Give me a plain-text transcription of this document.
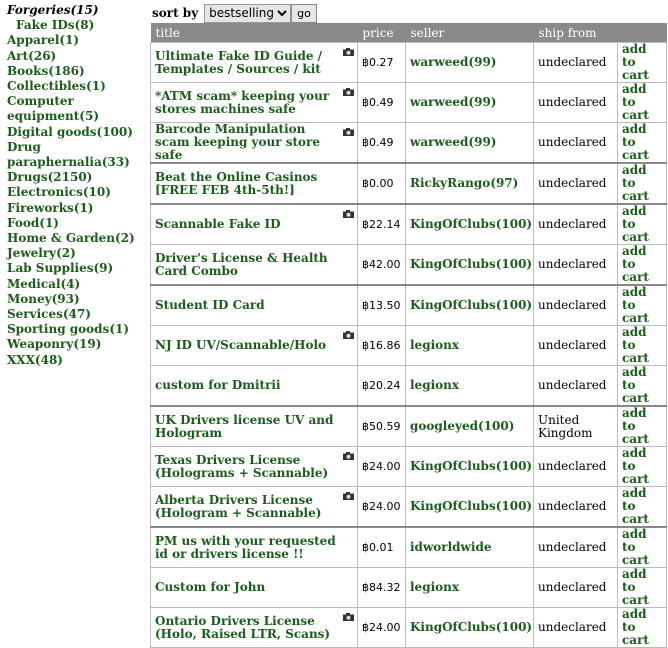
Forgeries(15)
Fake IDs(8)
Apparel(1)
Art(26)
Books(186)
Collectibles(1)
Computer equipment(5)
Digital goods(100)
Drug paraphernalia(33)
Drugs(2150)
Electronics(10)
Fireworks(1)
Food(1)
Home & Garden(2)
Jewelry(2)
Lab Supplies(9)
Medical(4)
Money(93)
Services(47)
Sporting goods(1)
Weaponry(19)
XXX(48)
sort by
bestselling	go
title	price	seller	ship from	
Ultimate Fake ID Guide / Templates / Sources / kit	฿0.27	warweed(99)	undeclared	add to cart
*ATM scam* keeping your stores machines safe	฿0.49	warweed(99)	undeclared	add to cart
Barcode Manipulation scam keeping your store safe	฿0.49	warweed(99)	undeclared	add to cart
Beat the Online Casinos [FREE FEB 4th-5th!]	฿0.00	RickyRango(97)	undeclared	add to cart
Scannable Fake ID	฿22.14	KingOfClubs(100)	undeclared	add to cart
Driver's License & Health Card Combo	฿42.00	KingOfClubs(100)	undeclared	add to cart
Student ID Card	฿13.50	KingOfClubs(100)	undeclared	add to cart
NJ ID UV/Scannable/Holo	฿16.86	legionx	undeclared	add to cart
custom for Dmitrii	฿20.24	legionx	undeclared	add to cart
UK Drivers license UV and Hologram	฿50.59	googleyed(100)	United Kingdom	add to cart
Texas Drivers License (Holograms + Scannable)	฿24.00	KingOfClubs(100)	undeclared	add to cart
Alberta Drivers License (Hologram + Scannable)	฿24.00	KingOfClubs(100)	undeclared	add to cart
PM us with your requested id or drivers license !!	฿0.01	idworldwide	undeclared	add to cart
Custom for John	฿84.32	legionx	undeclared	add to cart
Ontario Drivers License (Holo, Raised LTR, Scans)	฿24.00	KingOfClubs(100)	undeclared	add to cart
